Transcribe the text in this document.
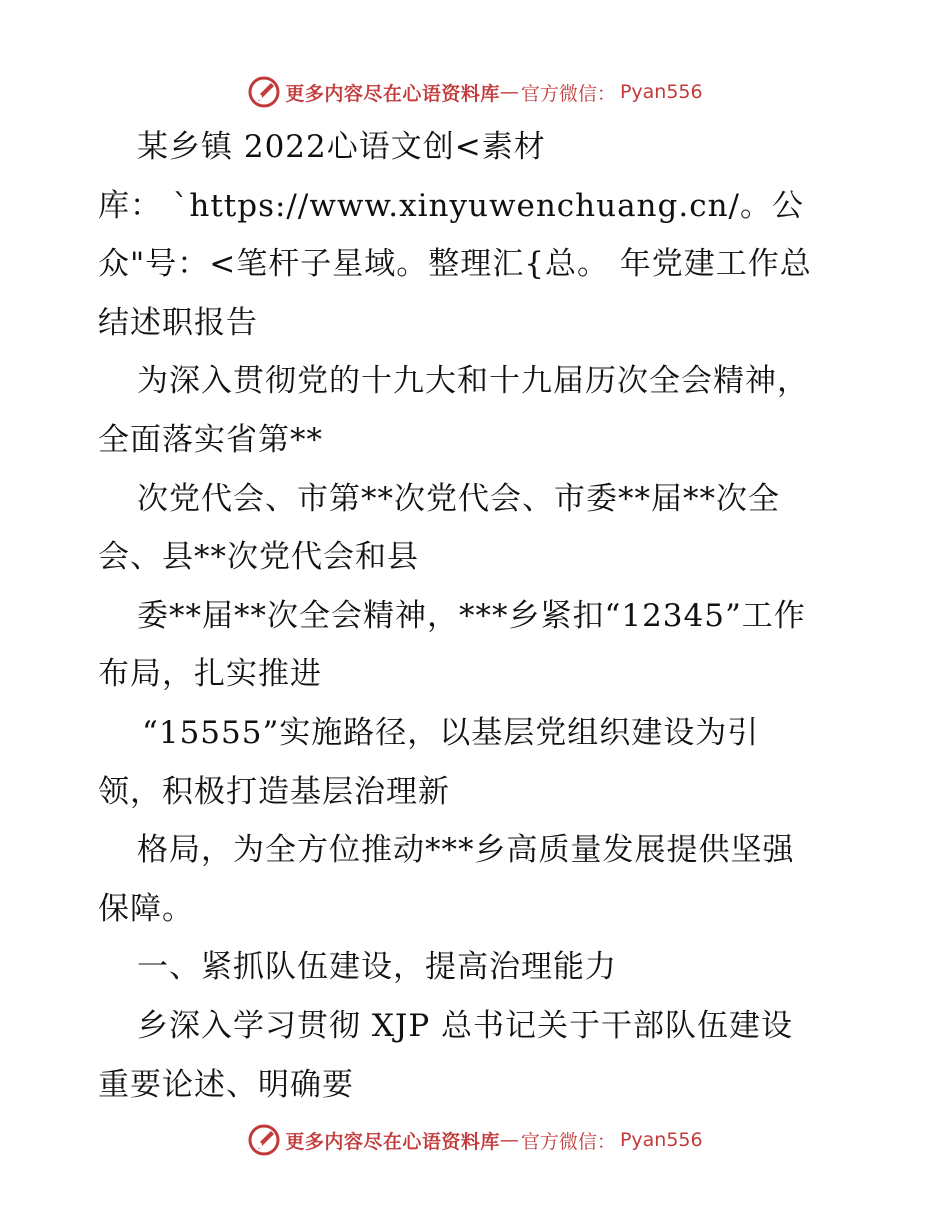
更多内容尽在心语资料库 — 官方微信： Pyan556
某乡镇 2022心语文创<素材
库： `https://www.xinyuwenchuang.cn/。公
众"号：<笔杆子星域。整理汇{总。 年党建工作总
结述职报告
为深入贯彻党的十九大和十九届历次全会精神，
全面落实省第**
次党代会、市第**次党代会、市委**届**次全
会、县**次党代会和县
委**届**次全会精神，***乡紧扣“12345”工作
布局，扎实推进
“15555”实施路径，以基层党组织建设为引
领，积极打造基层治理新
格局，为全方位推动***乡高质量发展提供坚强
保障。
一、紧抓队伍建设，提高治理能力
乡深入学习贯彻 XJP 总书记关于干部队伍建设
重要论述、明确要
更多内容尽在心语资料库 — 官方微信： Pyan556
